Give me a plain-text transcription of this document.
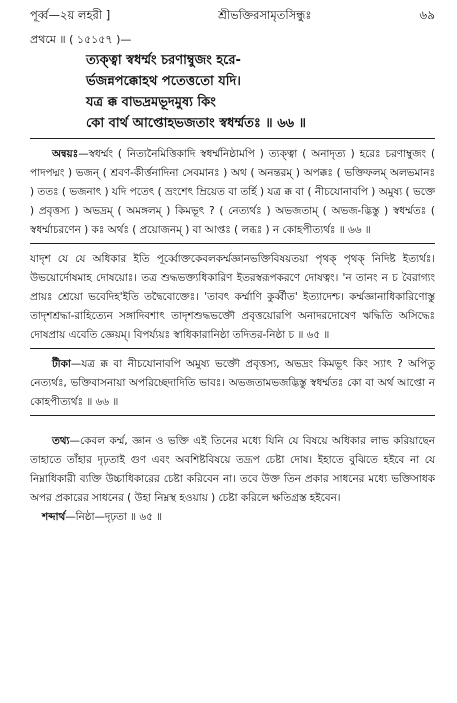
পূর্ব্ব—২য় লহরী ]	শ্রীভক্তিরসামৃতসিন্ধুঃ	৬৯
প্রথমে ॥ ( ১৫১৫৭ )—
ত্যক্ত্বা স্বধর্ম্মং চরণাম্বুজং হরে-
র্ভজন্নপক্কোহথ পতেত্ততো যদি।
যত্র ক্ক বাভদ্রমভূদমুষ্য কিং
কো বার্থ আপ্তোহভজতাং স্বধর্ম্মতঃ ॥ ৬৬ ॥
অন্বয়ঃ—স্বধর্ম্মং ( নিত্যনৈমিত্তিকাদি স্বধর্ম্মনিষ্ঠামপি ) ত্যক্ত্বা ( অনাদৃত্য ) হরেঃ চরণাম্বুজং ( পাদপদ্মং ) ভজন্ ( শ্রবণ-কীর্ত্তনাদিনা সেবমানঃ ) অথ ( অনন্তরম্ ) অপক্কঃ ( ভক্তিফলম্ অলভমানঃ ) ততঃ ( ভজনাৎ ) যদি পতেৎ ( ভ্রংশেৎ ম্রিয়েত বা তর্হি ) যত্র ক্ক বা ( নীচযোনাবপি ) অমুষ্য ( ভক্তে ) প্রবৃত্তস্য ) অভদ্রম্ ( অমঙ্গলম্ ) কিমভূৎ ? ( নেত্যর্থঃ ) অভজতাম্ ( অভজ-দ্ভিস্তু ) স্বধর্ম্মতঃ ( স্বধর্ম্মাচরণেন ) কঃ অর্থঃ ( প্রয়োজনম্ ) বা আপ্তঃ ( লব্ধঃ ) ন কোহপীত্যর্থঃ ॥ ৬৬ ॥
যাদৃশ যে যে অধিকার ইতি পূর্ব্বোক্তকেবলকর্ম্মজ্ঞানভক্তিবিষয়তয়া পৃথক্ পৃথক্ নিদিষ্ট ইত্যর্থঃ। উভয়োর্দোষমাহ দোষয়োঃ। তত্র শুদ্ধভক্ত্যধিকারিণ ইতরস্বরূপকরণে দোষত্বং। 'ন তানং ন চ বৈরাগ্যং প্রায়ঃ শ্রেয়ো ভবেদিহ'ইতি তদ্বৈবোক্তেঃ। 'তাবৎ কর্ম্মাণি কুর্ব্বীত' ইত্যাদেশ্চ। কর্ম্মজ্ঞানাধিকারিণোস্তু তাদৃশশ্রদ্ধা-রাহিত্যেন সঙ্গাদিবশাৎ তাদৃশশুদ্ধভক্তৌ প্রবৃত্তয়োরপি অনাদরদোষেণ ঋদ্ধিতি অসিদ্ধেঃ দোষপ্রায় এবেতি জ্ঞেয়ম্। বিপর্য্যয়ঃ স্বাধিকারানিষ্ঠা তদিতর-নিষ্ঠা চ ॥ ৬৫ ॥
টীকা—যত্র ক্ক বা নীচযোনাবপি অমুষ্য ভক্তৌ প্রবৃত্তস্য, অভদ্রং কিমভূৎ কিং স্যাৎ ? অপিতু নেত্যর্থঃ, ভক্তিবাসনায়া অপরিচ্ছেদাদিতি ভাবঃ। অভজতামভজদ্ভিস্তু স্বধর্ম্মতঃ কো বা অর্থ আপ্তো ন কোহপীত্যর্থঃ ॥ ৬৬ ॥
তথ্য—কেবল কর্ম্ম, জ্ঞান ও ভক্তি এই তিনের মধ্যে যিনি যে বিষয়ে অধিকার লাভ করিয়াছেন তাহাতে তাঁহার দৃঢ়তাই গুণ এবং অবশিষ্টবিষয়ে তদ্রূপ চেষ্টা দোষ। ইহাতে বুঝিতে হইবে না যে নিম্নাধিকারী ব্যক্তি উচ্চাধিকারের চেষ্টা করিবেন না। তবে উক্ত তিন প্রকার সাধনের মধ্যে ভক্তিসাধক অপর প্রকারের সাধনের ( উহা নিম্নস্থ হওয়ায় ) চেষ্টা করিলে ক্ষতিগ্রস্ত হইবেন।
শব্দার্থ—নিষ্ঠা—দৃঢ়তা ॥ ৬৫ ॥
